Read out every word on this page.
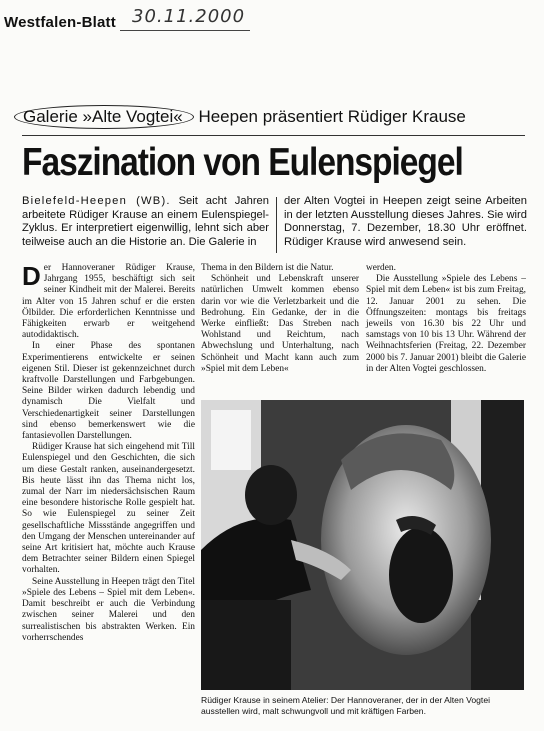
Westfalen-Blatt 30.11.2000
Galerie »Alte Vogtei« Heepen präsentiert Rüdiger Krause
Faszination von Eulenspiegel
Bielefeld-Heepen (WB). Seit acht Jahren arbeitete Rüdiger Krause an einem Eulenspiegel-Zyklus. Er interpretiert eigenwillig, lehnt sich aber teilweise auch an die Historie an. Die Galerie in
der Alten Vogtei in Heepen zeigt seine Arbeiten in der letzten Ausstellung dieses Jahres. Sie wird Donnerstag, 7. Dezember, 18.30 Uhr eröffnet. Rüdiger Krause wird anwesend sein.

Der Hannoveraner Rüdiger Krause, Jahrgang 1955, beschäftigt sich seit seiner Kindheit mit der Malerei. Bereits im Alter von 15 Jahren schuf er die ersten Ölbilder. Die erforderlichen Kenntnisse und Fähigkeiten erwarb er weitgehend autodidaktisch.

In einer Phase des spontanen Experimentierens entwickelte er seinen eigenen Stil. Dieser ist gekennzeichnet durch kraftvolle Darstellungen und Farbgebungen. Seine Bilder wirken dadurch lebendig und dynamisch Die Vielfalt und Verschiedenartigkeit seiner Darstellungen sind ebenso bemerkenswert wie die fantasievollen Darstellungen.

Rüdiger Krause hat sich eingehend mit Till Eulenspiegel und den Geschichten, die sich um diese Gestalt ranken, auseinandergesetzt. Bis heute lässt ihn das Thema nicht los, zumal der Narr im niedersächsischen Raum eine besondere historische Rolle gespielt hat. So wie Eulenspiegel zu seiner Zeit gesellschaftliche Missstände angegriffen und den Umgang der Menschen untereinander auf seine Art kritisiert hat, möchte auch Krause dem Betrachter seiner Bildern einen Spiegel vorhalten.

Seine Ausstellung in Heepen trägt den Titel »Spiele des Lebens – Spiel mit dem Leben«. Damit beschreibt er auch die Verbindung zwischen seiner Malerei und den surrealistischen bis abstrakten Werken. Ein vorherrschendes

Thema in den Bildern ist die Natur.

Schönheit und Lebenskraft unserer natürlichen Umwelt kommen ebenso darin vor wie die Verletzbarkeit und die Bedrohung. Ein Gedanke, der in die Werke einfließt: Das Streben nach Wohlstand und Reichtum, nach Abwechslung und Unterhaltung, nach Schönheit und Macht kann auch zum »Spiel mit dem Leben«

werden.

Die Ausstellung »Spiele des Lebens – Spiel mit dem Leben« ist bis zum Freitag, 12. Januar 2001 zu sehen. Die Öffnungszeiten: montags bis freitags jeweils von 16.30 bis 22 Uhr und samstags von 10 bis 13 Uhr. Während der Weihnachtsferien (Freitag, 22. Dezember 2000 bis 7. Januar 2001) bleibt die Galerie in der Alten Vogtei geschlossen.

Rüdiger Krause in seinem Atelier: Der Hannoveraner, der in der Alten Vogtei ausstellen wird, malt schwungvoll und mit kräftigen Farben.
